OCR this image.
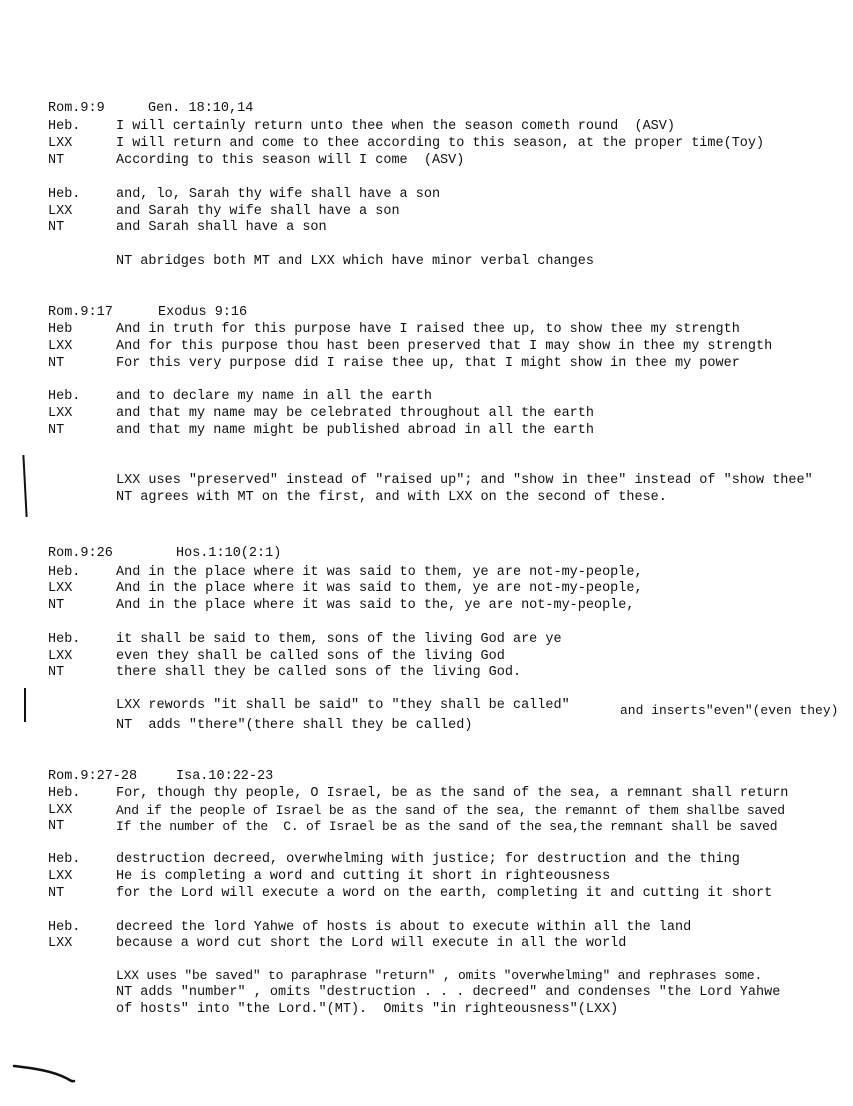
Rom.9:9	Gen. 18:10,14
Heb.	I will certainly return unto thee when the season cometh round  (ASV)
LXX	I will return and come to thee according to this season, at the proper time(Toy)
NT	According to this season will I come  (ASV)
Heb.	and, lo, Sarah thy wife shall have a son
LXX	and Sarah thy wife shall have a son
NT	and Sarah shall have a son
NT abridges both MT and LXX which have minor verbal changes
Rom.9:17	Exodus 9:16
Heb	And in truth for this purpose have I raised thee up, to show thee my strength
LXX	And for this purpose thou hast been preserved that I may show in thee my strength
NT	For this very purpose did I raise thee up, that I might show in thee my power
Heb.	and to declare my name in all the earth
LXX	and that my name may be celebrated throughout all the earth
NT	and that my name might be published abroad in all the earth
LXX uses "preserved" instead of "raised up"; and "show in thee" instead of "show thee"
NT agrees with MT on the first, and with LXX on the second of these.
Rom.9:26	Hos.1:10(2:1)
Heb.	And in the place where it was said to them, ye are not-my-people,
LXX	And in the place where it was said to them, ye are not-my-people,
NT	And in the place where it was said to the, ye are not-my-people,
Heb.	it shall be said to them, sons of the living God are ye
LXX	even they shall be called sons of the living God
NT	there shall they be called sons of the living God.
LXX rewords "it shall be said" to "they shall be called"	and inserts"even"(even they)
NT  adds "there"(there shall they be called)
Rom.9:27-28	Isa.10:22-23
Heb.	For, though thy people, O Israel, be as the sand of the sea, a remnant shall return
LXX	And if the people of Israel be as the sand of the sea, the remannt of them shallbe saved
NT	If the number of the  C. of Israel be as the sand of the sea,the remnant shall be saved
Heb.	destruction decreed, overwhelming with justice; for destruction and the thing
LXX	He is completing a word and cutting it short in righteousness
NT	for the Lord will execute a word on the earth, completing it and cutting it short
Heb.	decreed the lord Yahwe of hosts is about to execute within all the land
LXX	because a word cut short the Lord will execute in all the world
LXX uses "be saved" to paraphrase "return" , omits "overwhelming" and rephrases some.
NT adds "number" , omits "destruction . . . decreed" and condenses "the Lord Yahwe
of hosts" into "the Lord."(MT).  Omits "in righteousness"(LXX)
